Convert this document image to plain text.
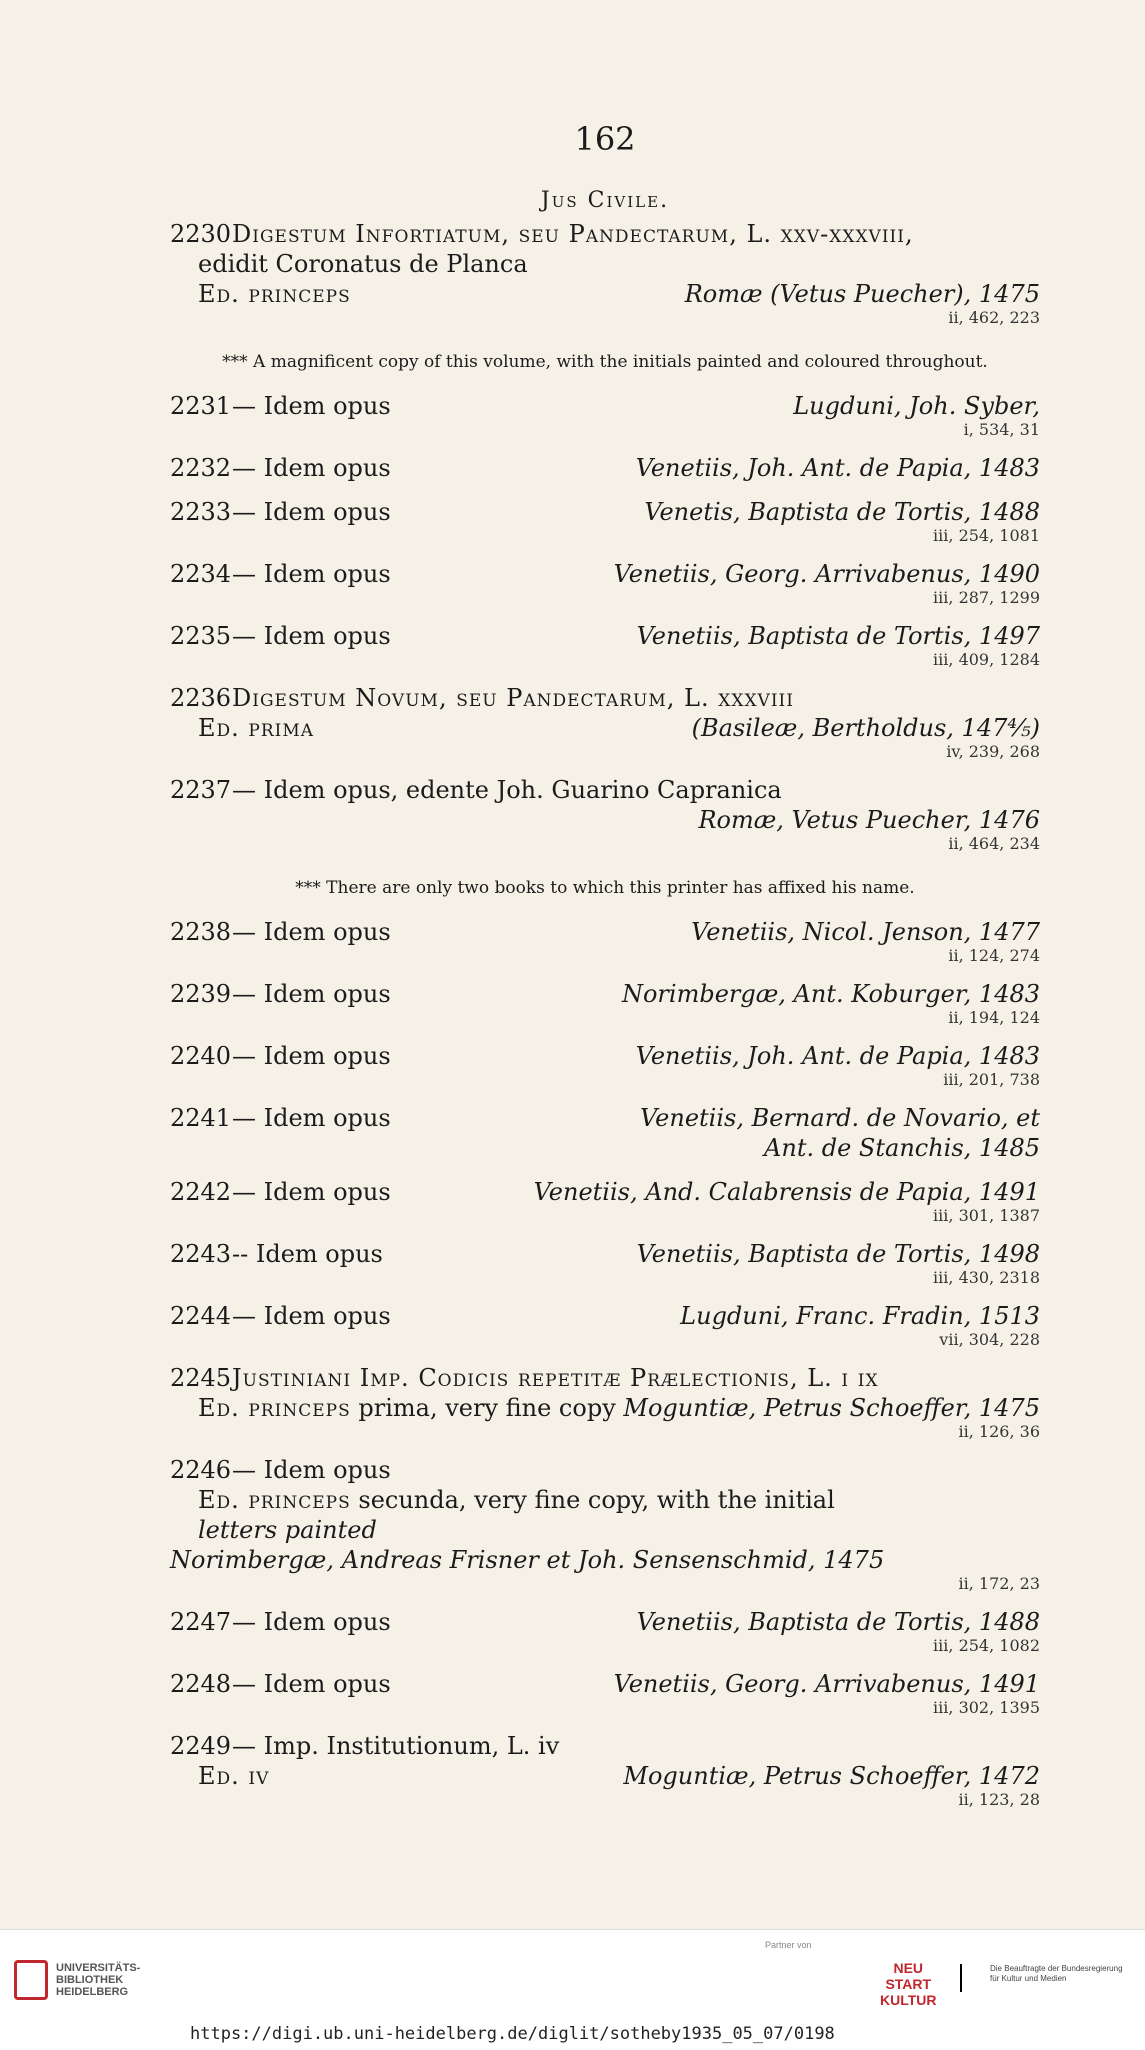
162
Jus Civile.
2230 Digestum Infortiatum, seu Pandectarum, L. xxv-xxxviii,
edidit Coronatus de Planca
Ed. princeps	Romæ (Vetus Puecher), 1475
ii, 462, 223
*** A magnificent copy of this volume, with the initials painted and coloured throughout.
2231 — Idem opus	Lugduni, Joh. Syber,
i, 534, 31
2232 — Idem opus	Venetiis, Joh. Ant. de Papia, 1483
2233 — Idem opus	Venetis, Baptista de Tortis, 1488
iii, 254, 1081
2234 — Idem opus	Venetiis, Georg. Arrivabenus, 1490
iii, 287, 1299
2235 — Idem opus	Venetiis, Baptista de Tortis, 1497
iii, 409, 1284
2236 Digestum Novum, seu Pandectarum, L. xxxviii
Ed. prima	(Basileæ, Bertholdus, 147⅘)
iv, 239, 268
2237 — Idem opus, edente Joh. Guarino Capranica
Romæ, Vetus Puecher, 1476
ii, 464, 234
*** There are only two books to which this printer has affixed his name.
2238 — Idem opus	Venetiis, Nicol. Jenson, 1477
ii, 124, 274
2239 — Idem opus	Norimbergæ, Ant. Koburger, 1483
ii, 194, 124
2240 — Idem opus	Venetiis, Joh. Ant. de Papia, 1483
iii, 201, 738
2241 — Idem opus	Venetiis, Bernard. de Novario, et
Ant. de Stanchis, 1485
2242 — Idem opus	Venetiis, And. Calabrensis de Papia, 1491
iii, 301, 1387
2243 -- Idem opus	Venetiis, Baptista de Tortis, 1498
iii, 430, 2318
2244 — Idem opus	Lugduni, Franc. Fradin, 1513
vii, 304, 228
2245 Justiniani Imp. Codicis repetitæ Prælectionis, L. i ix
Ed. princeps prima, very fine copy Moguntiæ, Petrus Schoeffer, 1475
ii, 126, 36
2246 — Idem opus
Ed. princeps secunda, very fine copy, with the initial
letters painted
Norimbergæ, Andreas Frisner et Joh. Sensenschmid, 1475
ii, 172, 23
2247 — Idem opus	Venetiis, Baptista de Tortis, 1488
iii, 254, 1082
2248 — Idem opus	Venetiis, Georg. Arrivabenus, 1491
iii, 302, 1395
2249 — Imp. Institutionum, L. iv
Ed. iv	Moguntiæ, Petrus Schoeffer, 1472
ii, 123, 28
UNIVERSITÄTS-
BIBLIOTHEK
HEIDELBERG
Partner von
NEU
START
KULTUR
Die Beauftragte der Bundesregierung für Kultur und Medien
https://digi.ub.uni-heidelberg.de/diglit/sotheby1935_05_07/0198
